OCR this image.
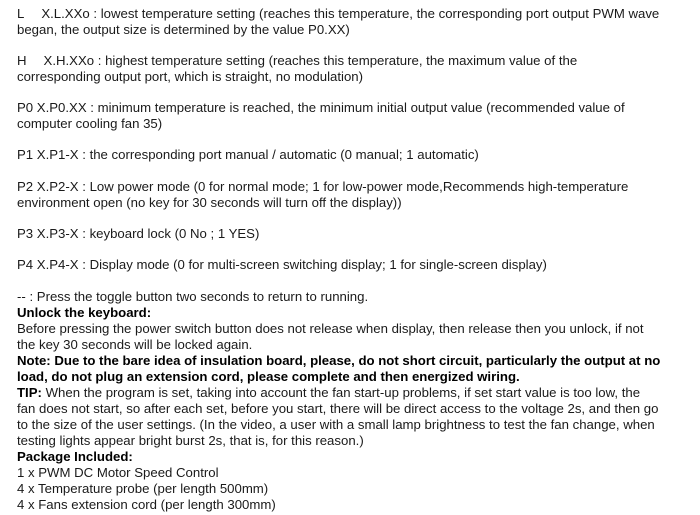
L X.L.XXo : lowest temperature setting (reaches this temperature, the corresponding port output PWM wave
began, the output size is determined by the value P0.XX)
H X.H.XXo : highest temperature setting (reaches this temperature, the maximum value of the
corresponding output port, which is straight, no modulation)
P0 X.P0.XX : minimum temperature is reached, the minimum initial output value (recommended value of
computer cooling fan 35)
P1 X.P1-X : the corresponding port manual / automatic (0 manual; 1 automatic)
P2 X.P2-X : Low power mode (0 for normal mode; 1 for low-power mode,Recommends high-temperature
environment open (no key for 30 seconds will turn off the display))
P3 X.P3-X : keyboard lock (0 No ; 1 YES)
P4 X.P4-X : Display mode (0 for multi-screen switching display; 1 for single-screen display)
-- : Press the toggle button two seconds to return to running.
Unlock the keyboard:
Before pressing the power switch button does not release when display, then release then you unlock, if not
the key 30 seconds will be locked again.
Note: Due to the bare idea of insulation board, please, do not short circuit, particularly the output at no
load, do not plug an extension cord, please complete and then energized wiring.
TIP: When the program is set, taking into account the fan start-up problems, if set start value is too low, the
fan does not start, so after each set, before you start, there will be direct access to the voltage 2s, and then go
to the size of the user settings. (In the video, a user with a small lamp brightness to test the fan change, when
testing lights appear bright burst 2s, that is, for this reason.)
Package Included:
1 x PWM DC Motor Speed Control
4 x Temperature probe (per length 500mm)
4 x Fans extension cord (per length 300mm)
